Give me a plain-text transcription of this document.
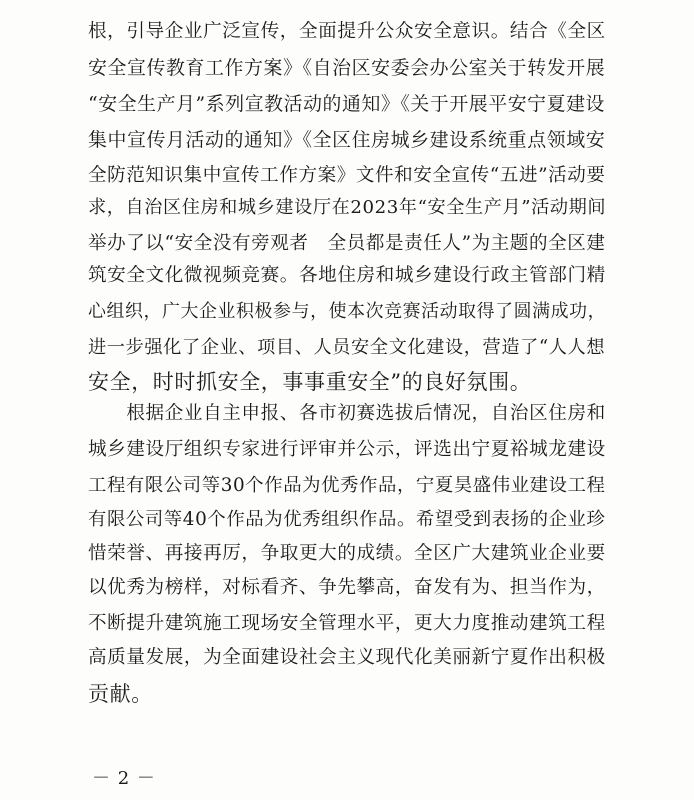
根，引导企业广泛宣传，全面提升公众安全意识。结合《全区
安全宣传教育工作方案》《自治区安委会办公室关于转发开展
“安全生产月”系列宣教活动的通知》《关于开展平安宁夏建设
集中宣传月活动的通知》《全区住房城乡建设系统重点领域安
全防范知识集中宣传工作方案》文件和安全宣传“五进”活动要
求，自治区住房和城乡建设厅在2023年“安全生产月”活动期间
举办了以“安全没有旁观者　全员都是责任人”为主题的全区建
筑安全文化微视频竞赛。各地住房和城乡建设行政主管部门精
心组织，广大企业积极参与，使本次竞赛活动取得了圆满成功，
进一步强化了企业、项目、人员安全文化建设，营造了“人人想
安全，时时抓安全，事事重安全”的良好氛围。
　　根据企业自主申报、各市初赛选拔后情况，自治区住房和
城乡建设厅组织专家进行评审并公示，评选出宁夏裕城龙建设
工程有限公司等30个作品为优秀作品，宁夏昊盛伟业建设工程
有限公司等40个作品为优秀组织作品。希望受到表扬的企业珍
惜荣誉、再接再厉，争取更大的成绩。全区广大建筑业企业要
以优秀为榜样，对标看齐、争先攀高，奋发有为、担当作为，
不断提升建筑施工现场安全管理水平，更大力度推动建筑工程
高质量发展，为全面建设社会主义现代化美丽新宁夏作出积极
贡献。
－ 2 －
